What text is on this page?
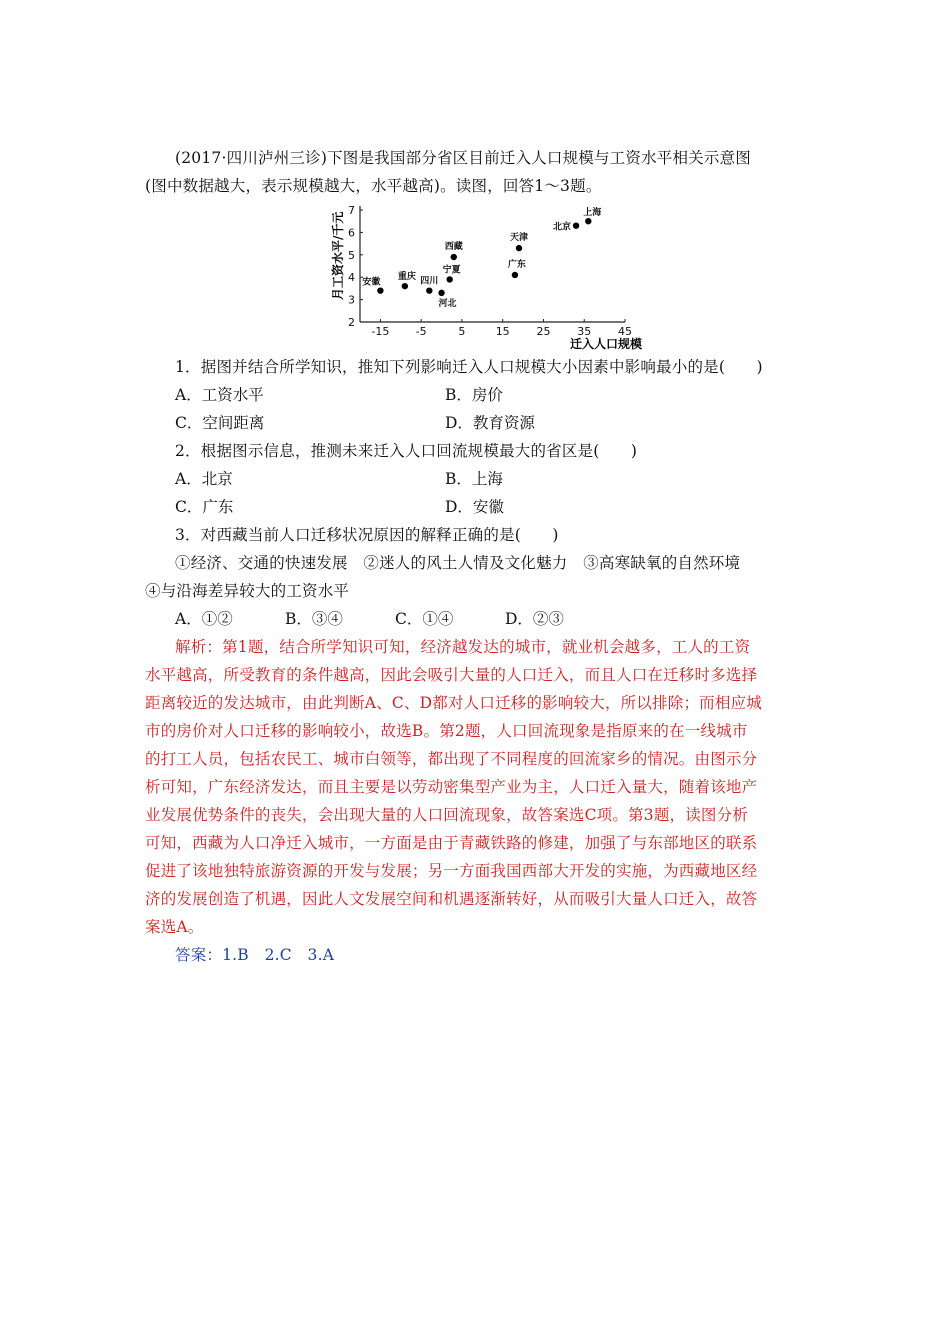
(2017·四川泸州三诊)下图是我国部分省区目前迁入人口规模与工资水平相关示意图
(图中数据越大，表示规模越大，水平越高)。读图，回答1～3题。
-15 -5	5	15 25 35 45
2
3
4
5
6
7
安徽
重庆 四川
河北
宁夏
西藏
天津
广东
北京
上海
月工资水平/千元
迁入人口规模
1．据图并结合所学知识，推知下列影响迁入人口规模大小因素中影响最小的是(　　)
A．工资水平	B．房价
C．空间距离	D．教育资源
2．根据图示信息，推测未来迁入人口回流规模最大的省区是(　　)
A．北京	B．上海
C．广东	D．安徽
3．对西藏当前人口迁移状况原因的解释正确的是(　　)
①经济、交通的快速发展　②迷人的风土人情及文化魅力　③高寒缺氧的自然环境
④与沿海差异较大的工资水平
A．①②	B．③④	C．①④	D．②③
解析：第1题，结合所学知识可知，经济越发达的城市，就业机会越多，工人的工资
水平越高，所受教育的条件越高，因此会吸引大量的人口迁入，而且人口在迁移时多选择
距离较近的发达城市，由此判断A、C、D都对人口迁移的影响较大，所以排除；而相应城
市的房价对人口迁移的影响较小，故选B。第2题，人口回流现象是指原来的在一线城市
的打工人员，包括农民工、城市白领等，都出现了不同程度的回流家乡的情况。由图示分
析可知，广东经济发达，而且主要是以劳动密集型产业为主，人口迁入量大，随着该地产
业发展优势条件的丧失，会出现大量的人口回流现象，故答案选C项。第3题，读图分析
可知，西藏为人口净迁入城市，一方面是由于青藏铁路的修建，加强了与东部地区的联系
促进了该地独特旅游资源的开发与发展；另一方面我国西部大开发的实施，为西藏地区经
济的发展创造了机遇，因此人文发展空间和机遇逐渐转好，从而吸引大量人口迁入，故答
案选A。
答案：1.B　2.C　3.A
